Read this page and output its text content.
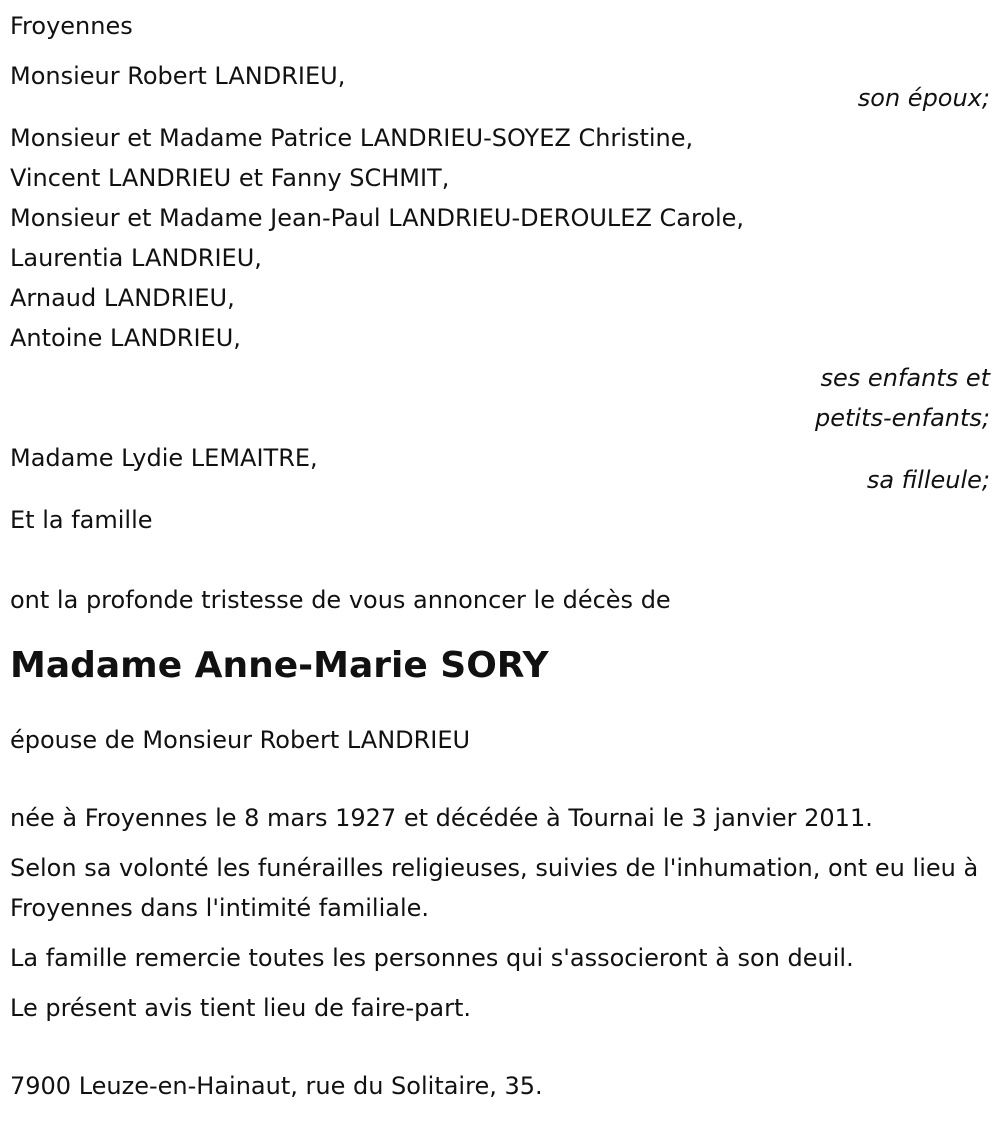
Froyennes
Monsieur Robert LANDRIEU,
son époux;
Monsieur et Madame Patrice LANDRIEU-SOYEZ Christine,
Vincent LANDRIEU et Fanny SCHMIT,
Monsieur et Madame Jean-Paul LANDRIEU-DEROULEZ Carole,
Laurentia LANDRIEU,
Arnaud LANDRIEU,
Antoine LANDRIEU,
ses enfants et
petits-enfants;
Madame Lydie LEMAITRE,
sa filleule;
Et la famille
ont la profonde tristesse de vous annoncer le décès de
Madame Anne-Marie SORY
épouse de Monsieur Robert LANDRIEU
née à Froyennes le 8 mars 1927 et décédée à Tournai le 3 janvier 2011.
Selon sa volonté les funérailles religieuses, suivies de l'inhumation, ont eu lieu à Froyennes dans l'intimité familiale.
La famille remercie toutes les personnes qui s'associeront à son deuil.
Le présent avis tient lieu de faire-part.
7900 Leuze-en-Hainaut, rue du Solitaire, 35.
